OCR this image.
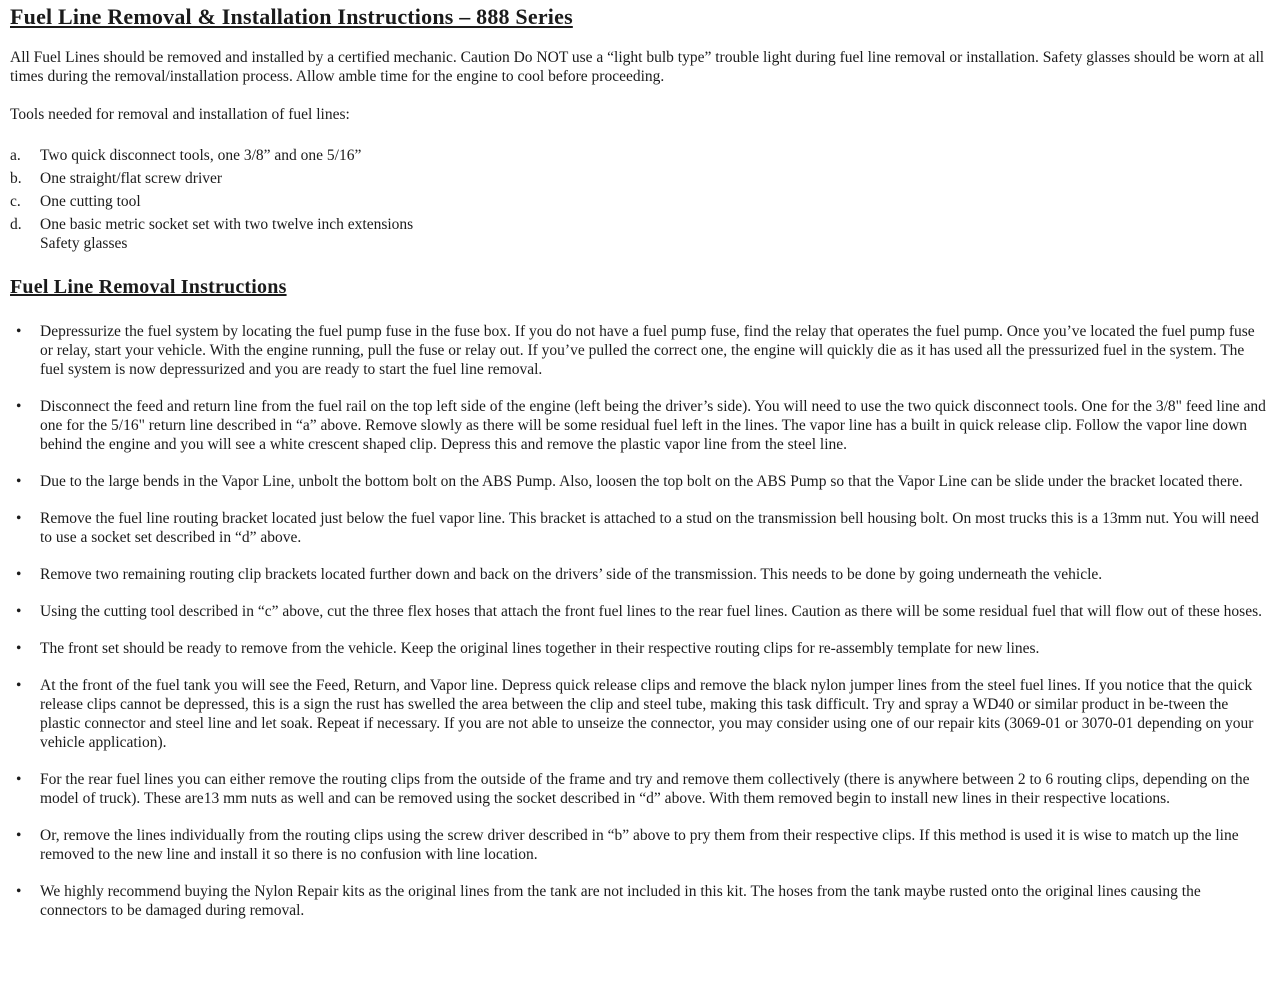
Fuel Line Removal & Installation Instructions – 888 Series

All Fuel Lines should be removed and installed by a certified mechanic. Caution Do NOT use a “light bulb type” trouble light during fuel line removal or installation. Safety glasses should be worn at all times during the removal/installation process. Allow amble time for the engine to cool before proceeding.

Tools needed for removal and installation of fuel lines:

a.	Two quick disconnect tools, one 3/8” and one 5/16”
b.	One straight/flat screw driver
c.	One cutting tool
d.	One basic metric socket set with two twelve inch extensions
Safety glasses
Fuel Line Removal Instructions
• Depressurize the fuel system by locating the fuel pump fuse in the fuse box. If you do not have a fuel pump fuse, find the relay that operates the fuel pump. Once you’ve located the fuel pump fuse or relay, start your vehicle. With the engine running, pull the fuse or relay out. If you’ve pulled the correct one, the engine will quickly die as it has used all the pressurized fuel in the system. The fuel system is now depressurized and you are ready to start the fuel line removal.
• Disconnect the feed and return line from the fuel rail on the top left side of the engine (left being the driver’s side). You will need to use the two quick disconnect tools. One for the 3/8" feed line and one for the 5/16" return line described in “a” above. Remove slowly as there will be some residual fuel left in the lines. The vapor line has a built in quick release clip. Follow the vapor line down behind the engine and you will see a white crescent shaped clip. Depress this and remove the plastic vapor line from the steel line.
• Due to the large bends in the Vapor Line, unbolt the bottom bolt on the ABS Pump. Also, loosen the top bolt on the ABS Pump so that the Vapor Line can be slide under the bracket located there.
• Remove the fuel line routing bracket located just below the fuel vapor line. This bracket is attached to a stud on the transmission bell housing bolt. On most trucks this is a 13mm nut. You will need to use a socket set described in “d” above.
• Remove two remaining routing clip brackets located further down and back on the drivers’ side of the transmission. This needs to be done by going underneath the vehicle.
• Using the cutting tool described in “c” above, cut the three flex hoses that attach the front fuel lines to the rear fuel lines. Caution as there will be some residual fuel that will flow out of these hoses.
• The front set should be ready to remove from the vehicle. Keep the original lines together in their respective routing clips for re-assembly template for new lines.
• At the front of the fuel tank you will see the Feed, Return, and Vapor line. Depress quick release clips and remove the black nylon jumper lines from the steel fuel lines. If you notice that the quick release clips cannot be depressed, this is a sign the rust has swelled the area between the clip and steel tube, making this task difficult. Try and spray a WD40 or similar product in be-tween the plastic connector and steel line and let soak. Repeat if necessary. If you are not able to unseize the connector, you may consider using one of our repair kits (3069-01 or 3070-01 depending on your vehicle application).
• For the rear fuel lines you can either remove the routing clips from the outside of the frame and try and remove them collectively (there is anywhere between 2 to 6 routing clips, depending on the model of truck). These are13 mm nuts as well and can be removed using the socket described in “d” above. With them removed begin to install new lines in their respective locations.
• Or, remove the lines individually from the routing clips using the screw driver described in “b” above to pry them from their respective clips. If this method is used it is wise to match up the line removed to the new line and install it so there is no confusion with line location.
• We highly recommend buying the Nylon Repair kits as the original lines from the tank are not included in this kit. The hoses from the tank maybe rusted onto the original lines causing the connectors to be damaged during removal.
